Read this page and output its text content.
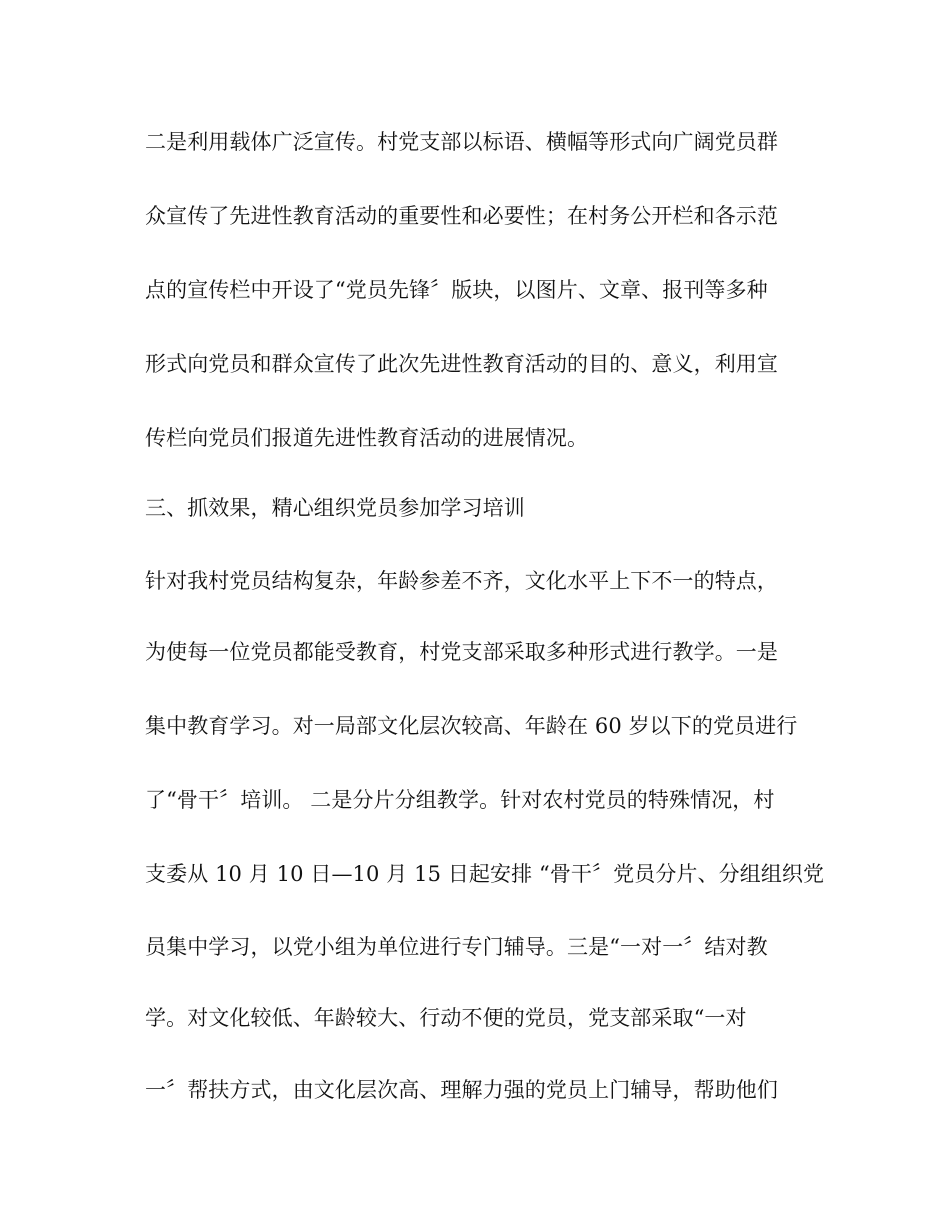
二是利用载体广泛宣传。村党支部以标语、横幅等形式向广阔党员群
众宣传了先进性教育活动的重要性和必要性；在村务公开栏和各示范
点的宣传栏中开设了“党员先锋〞版块，以图片、文章、报刊等多种
形式向党员和群众宣传了此次先进性教育活动的目的、意义，利用宣
传栏向党员们报道先进性教育活动的进展情况。
三、抓效果，精心组织党员参加学习培训
针对我村党员结构复杂，年龄参差不齐，文化水平上下不一的特点，
为使每一位党员都能受教育，村党支部采取多种形式进行教学。一是
集中教育学习。对一局部文化层次较高、年龄在 60 岁以下的党员进行
了“骨干〞培训。 二是分片分组教学。针对农村党员的特殊情况，村
支委从 10 月 10 日—10 月 15 日起安排 “骨干〞党员分片、分组组织党
员集中学习，以党小组为单位进行专门辅导。三是“一对一〞结对教
学。对文化较低、年龄较大、行动不便的党员，党支部采取“一对
一〞帮扶方式，由文化层次高、理解力强的党员上门辅导，帮助他们
